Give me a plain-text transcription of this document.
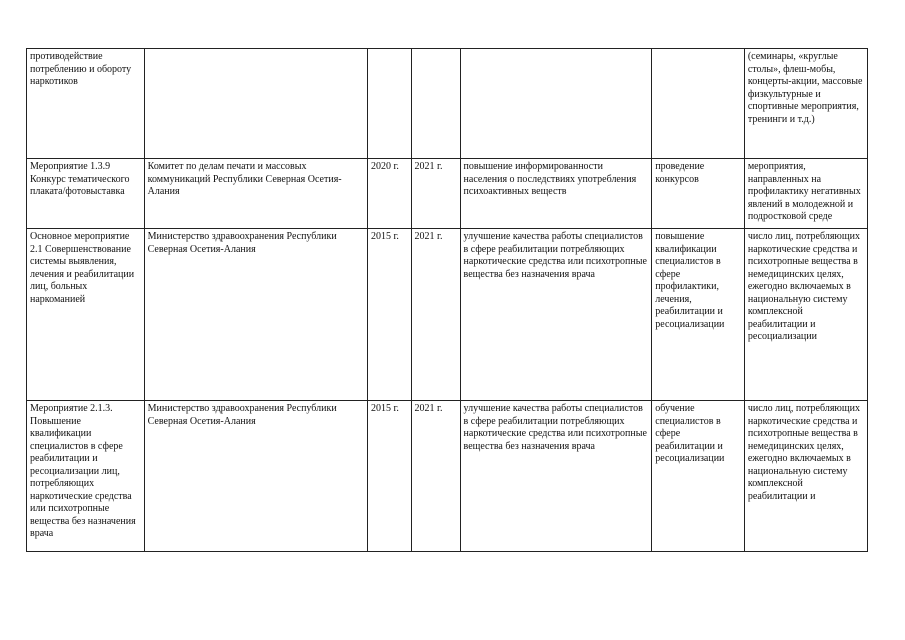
противодействие потреблению и обороту наркотиков						(семинары, «круглые столы», флеш-мобы, концерты-акции, массовые физкультурные и спортивные мероприятия, тренинги и т.д.)

Мероприятие 1.3.9 Конкурс тематического плаката/фотовыставка	Комитет по делам печати и массовых коммуникаций Республики Северная Осетия-Алания	2020 г.	2021 г.	повышение информированности населения о последствиях употребления психоактивных веществ	проведение конкурсов	мероприятия, направленных на профилактику негативных явлений в молодежной и подростковой среде

Основное мероприятие 2.1 Совершенствование системы выявления, лечения и реабилитации лиц, больных наркоманией	Министерство здравоохранения Республики Северная Осетия-Алания	2015 г.	2021 г.	улучшение качества работы специалистов в сфере реабилитации потребляющих наркотические средства или психотропные вещества без назначения врача	повышение квалификации специалистов в сфере профилактики, лечения, реабилитации и ресоциализации	число лиц, потребляющих наркотические средства и психотропные вещества в немедицинских целях, ежегодно включаемых в национальную систему комплексной реабилитации и ресоциализации

Мероприятие 2.1.3. Повышение квалификации специалистов в сфере реабилитации и ресоциализации лиц, потребляющих наркотические средства или психотропные вещества без назначения врача	Министерство здравоохранения Республики Северная Осетия-Алания	2015 г.	2021 г.	улучшение качества работы специалистов в сфере реабилитации потребляющих наркотические средства или психотропные вещества без назначения врача	обучение специалистов в сфере реабилитации и ресоциализации	число лиц, потребляющих наркотические средства и психотропные вещества в немедицинских целях, ежегодно включаемых в национальную систему комплексной реабилитации и
